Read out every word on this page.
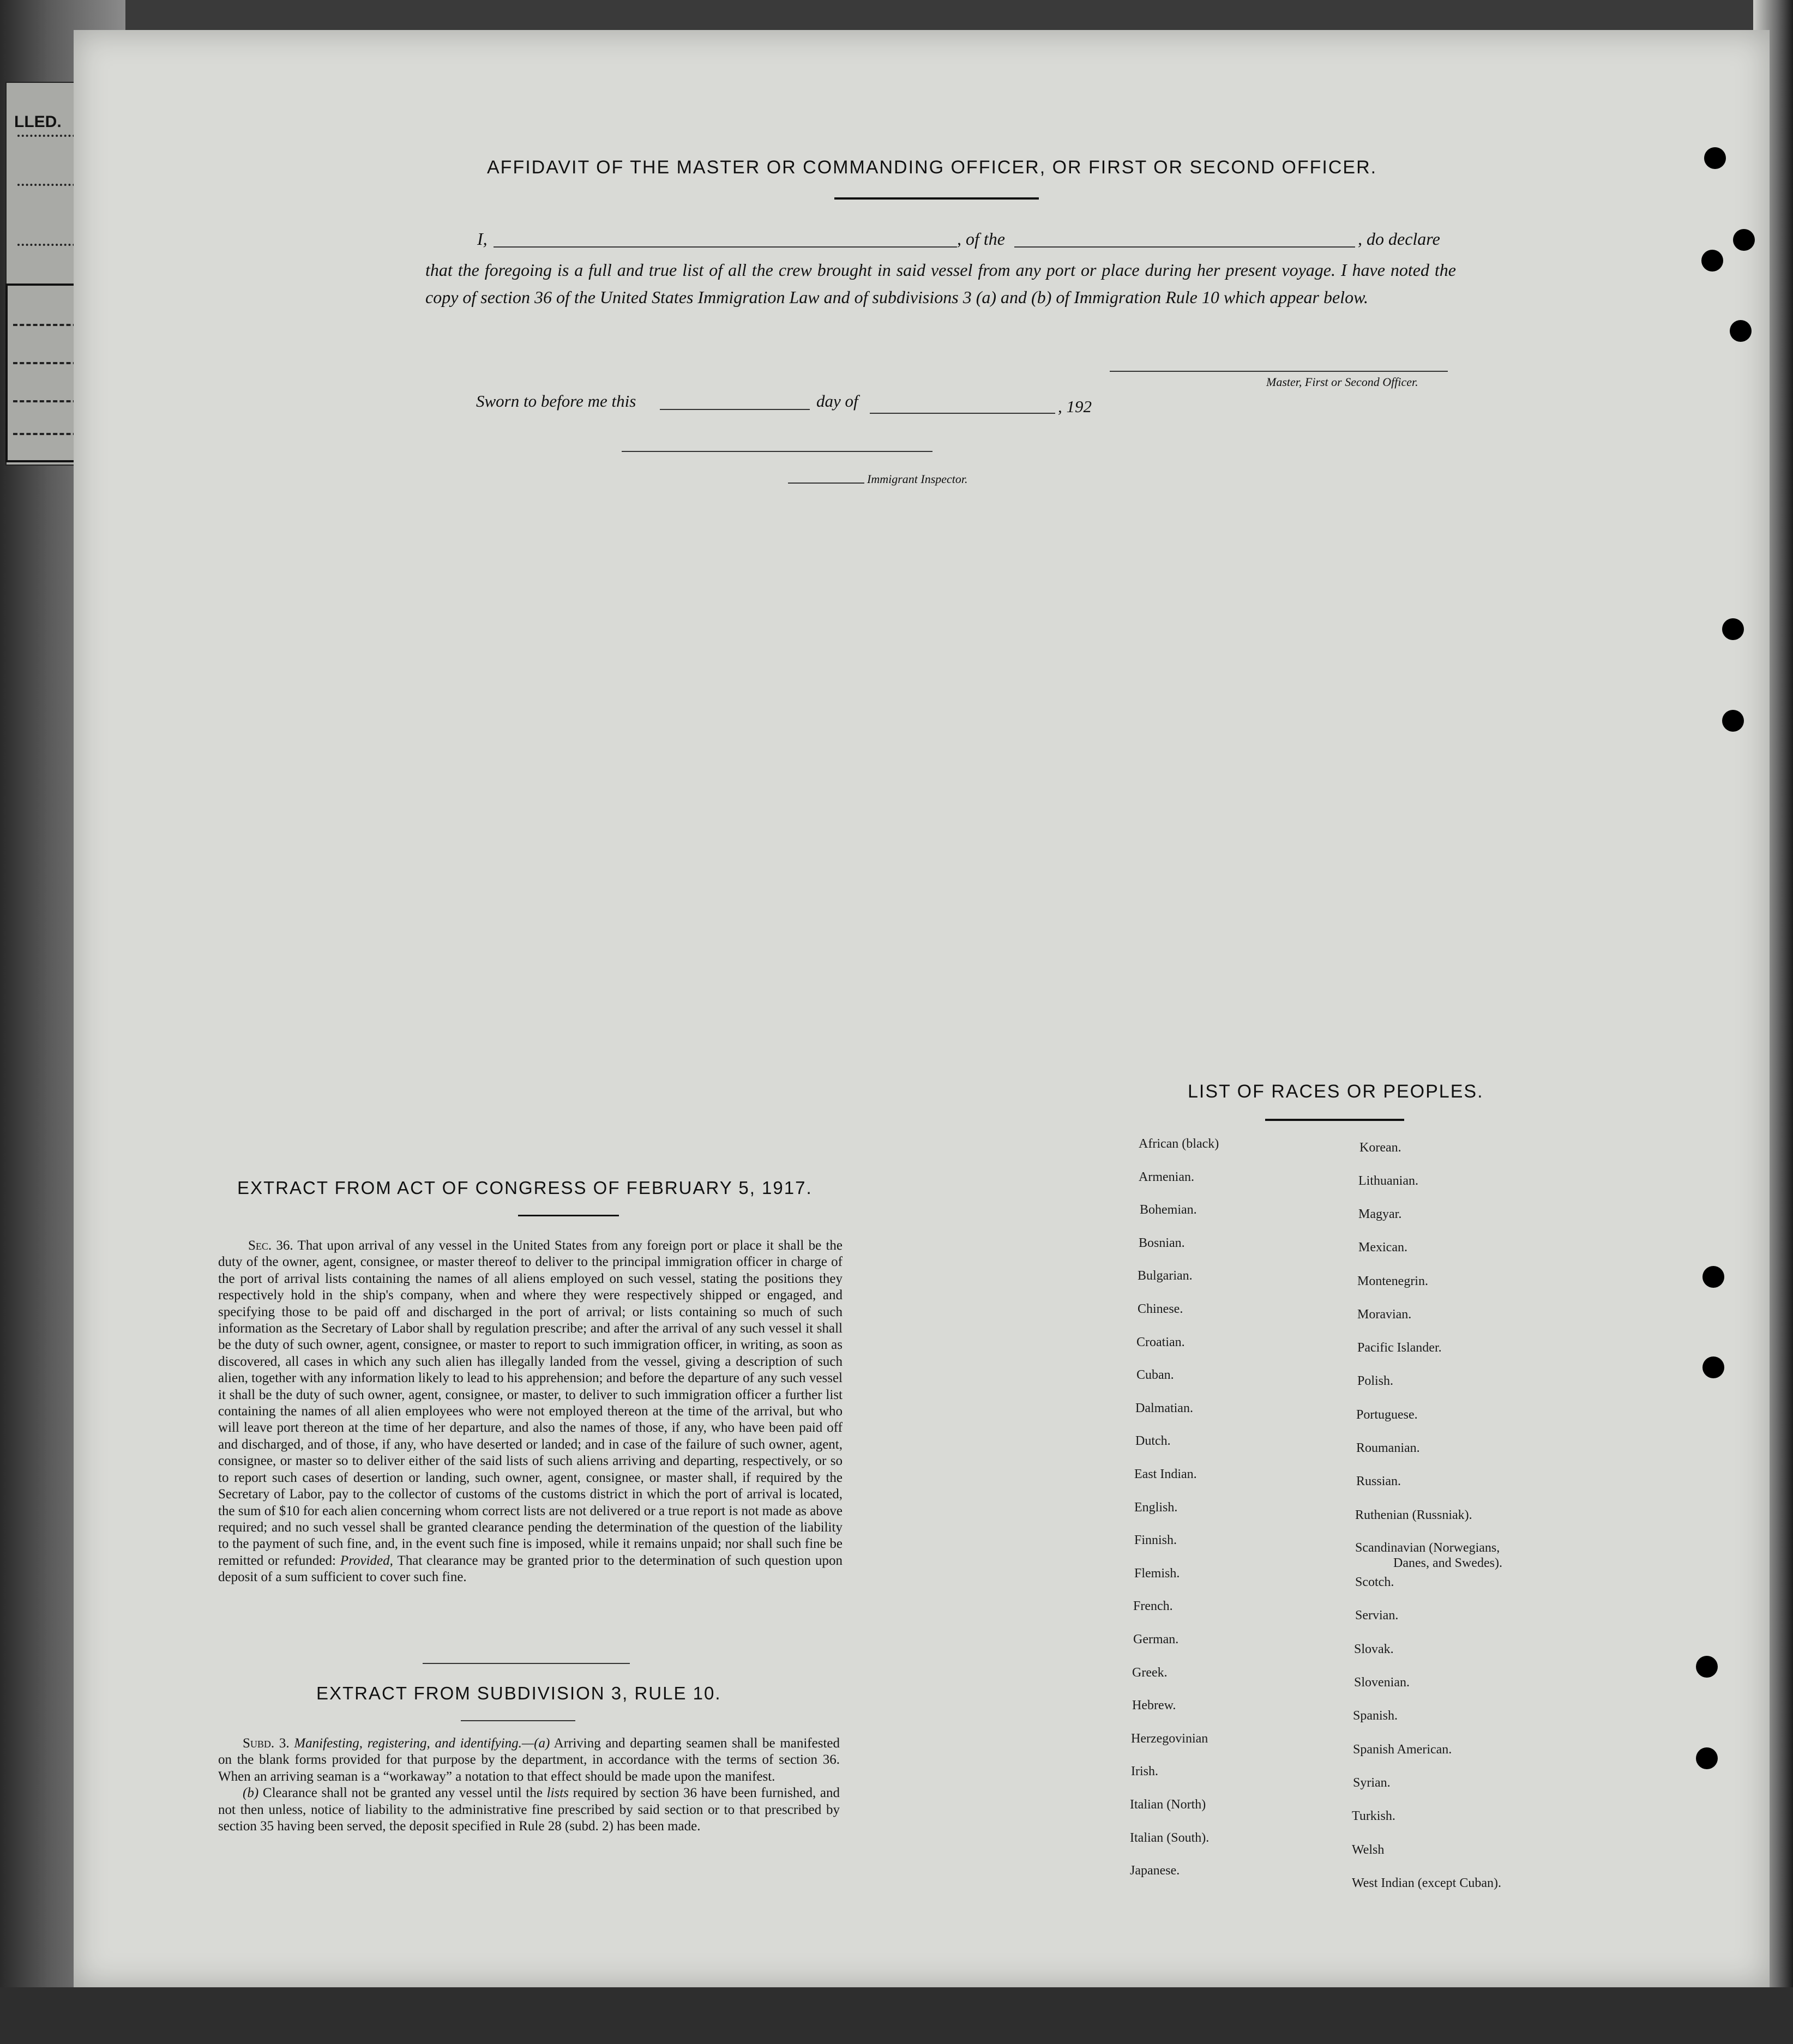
LLED.
AFFIDAVIT OF THE MASTER OR COMMANDING OFFICER, OR FIRST OR SECOND OFFICER.
I,	, of the	, do declare
that the foregoing is a full and true list of all the crew brought in said vessel from any port or place during her present voyage. I have noted the copy of section 36 of the United States Immigration Law and of subdivisions 3 (a) and (b) of Immigration Rule 10 which appear below.
Master, First or Second Officer.
Sworn to before me this	day of	, 192
Immigrant Inspector.
LIST OF RACES OR PEOPLES.
African (black)
Armenian.
Bohemian.
Bosnian.
Bulgarian.
Chinese.
Croatian.
Cuban.
Dalmatian.
Dutch.
East Indian.
English.
Finnish.
Flemish.
French.
German.
Greek.
Hebrew.
Herzegovinian
Irish.
Italian (North)
Italian (South).
Japanese.
Korean.
Lithuanian.
Magyar.
Mexican.
Montenegrin.
Moravian.
Pacific Islander.
Polish.
Portuguese.
Roumanian.
Russian.
Ruthenian (Russniak).
Scandinavian (Norwegians,
Danes, and Swedes).
Scotch.
Servian.
Slovak.
Slovenian.
Spanish.
Spanish American.
Syrian.
Turkish.
Welsh
West Indian (except Cuban).
EXTRACT FROM ACT OF CONGRESS OF FEBRUARY 5, 1917.

Sec. 36. That upon arrival of any vessel in the United States from any foreign port or place it shall be the duty of the owner, agent, consignee, or master thereof to deliver to the principal immigration officer in charge of the port of arrival lists containing the names of all aliens employed on such vessel, stating the positions they respectively hold in the ship's company, when and where they were respectively shipped or engaged, and specifying those to be paid off and discharged in the port of arrival; or lists containing so much of such information as the Secretary of Labor shall by regulation prescribe; and after the arrival of any such vessel it shall be the duty of such owner, agent, consignee, or master to report to such immigration officer, in writing, as soon as discovered, all cases in which any such alien has illegally landed from the vessel, giving a description of such alien, together with any information likely to lead to his apprehension; and before the departure of any such vessel it shall be the duty of such owner, agent, consignee, or master, to deliver to such immigration officer a further list containing the names of all alien employees who were not employed thereon at the time of the arrival, but who will leave port thereon at the time of her departure, and also the names of those, if any, who have been paid off and discharged, and of those, if any, who have deserted or landed; and in case of the failure of such owner, agent, consignee, or master so to deliver either of the said lists of such aliens arriving and departing, respectively, or so to report such cases of desertion or landing, such owner, agent, consignee, or master shall, if required by the Secretary of Labor, pay to the collector of customs of the customs district in which the port of arrival is located, the sum of $10 for each alien concerning whom correct lists are not delivered or a true report is not made as above required; and no such vessel shall be granted clearance pending the determination of the question of the liability to the payment of such fine, and, in the event such fine is imposed, while it remains unpaid; nor shall such fine be remitted or refunded: Provided, That clearance may be granted prior to the determination of such question upon deposit of a sum sufficient to cover such fine.

EXTRACT FROM SUBDIVISION 3, RULE 10.

Subd. 3. Manifesting, registering, and identifying.—(a) Arriving and departing seamen shall be manifested on the blank forms provided for that purpose by the department, in accordance with the terms of section 36. When an arriving seaman is a “workaway” a notation to that effect should be made upon the manifest.

(b) Clearance shall not be granted any vessel until the lists required by section 36 have been furnished, and not then unless, notice of liability to the administrative fine prescribed by said section or to that prescribed by section 35 having been served, the deposit specified in Rule 28 (subd. 2) has been made.
